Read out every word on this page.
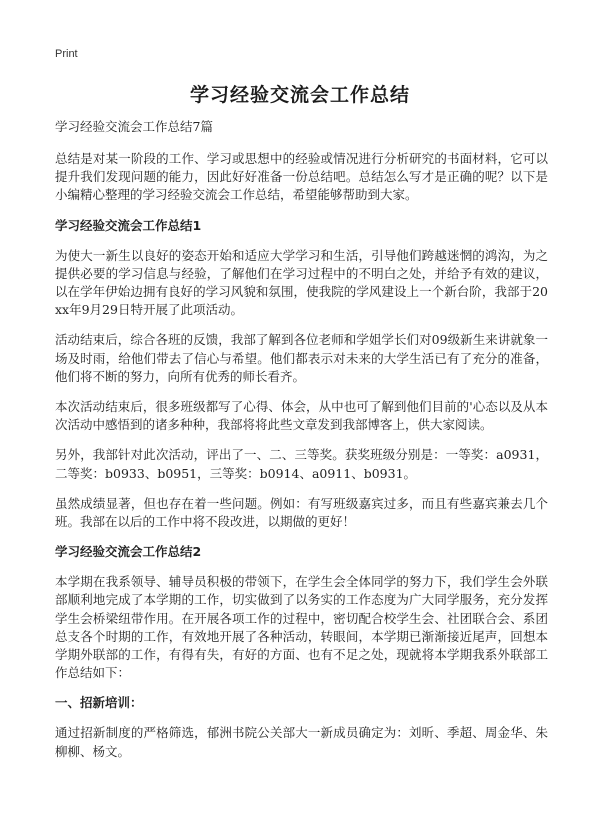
Print
学习经验交流会工作总结
学习经验交流会工作总结7篇

总结是对某一阶段的工作、学习或思想中的经验或情况进行分析研究的书面材料，它可以提升我们发现问题的能力，因此好好准备一份总结吧。总结怎么写才是正确的呢？以下是小编精心整理的学习经验交流会工作总结，希望能够帮助到大家。

学习经验交流会工作总结1

为使大一新生以良好的姿态开始和适应大学学习和生活，引导他们跨越迷惘的鸿沟，为之提供必要的学习信息与经验，了解他们在学习过程中的不明白之处，并给予有效的建议，以在学年伊始边拥有良好的学习风貌和氛围，使我院的学风建设上一个新台阶，我部于20xx年9月29日特开展了此项活动。

活动结束后，综合各班的反馈，我部了解到各位老师和学姐学长们对09级新生来讲就象一场及时雨，给他们带去了信心与希望。他们都表示对未来的大学生活已有了充分的准备，他们将不断的努力，向所有优秀的师长看齐。

本次活动结束后，很多班级都写了心得、体会，从中也可了解到他们目前的'心态以及从本次活动中感悟到的诸多种种，我部将将此些文章发到我部博客上，供大家阅读。

另外，我部针对此次活动，评出了一、二、三等奖。获奖班级分别是：一等奖：a0931，二等奖：b0933、b0951，三等奖：b0914、a0911、b0931。

虽然成绩显著，但也存在着一些问题。例如：有写班级嘉宾过多，而且有些嘉宾兼去几个班。我部在以后的工作中将不段改进，以期做的更好！

学习经验交流会工作总结2

本学期在我系领导、辅导员积极的带领下，在学生会全体同学的努力下，我们学生会外联部顺利地完成了本学期的工作，切实做到了以务实的工作态度为广大同学服务，充分发挥学生会桥梁纽带作用。在开展各项工作的过程中，密切配合校学生会、社团联合会、系团总支各个时期的工作，有效地开展了各种活动，转眼间，本学期已渐渐接近尾声，回想本学期外联部的工作，有得有失，有好的方面、也有不足之处，现就将本学期我系外联部工作总结如下：

一、招新培训：

通过招新制度的严格筛选，郁洲书院公关部大一新成员确定为：刘昕、季超、周金华、朱柳柳、杨文。
